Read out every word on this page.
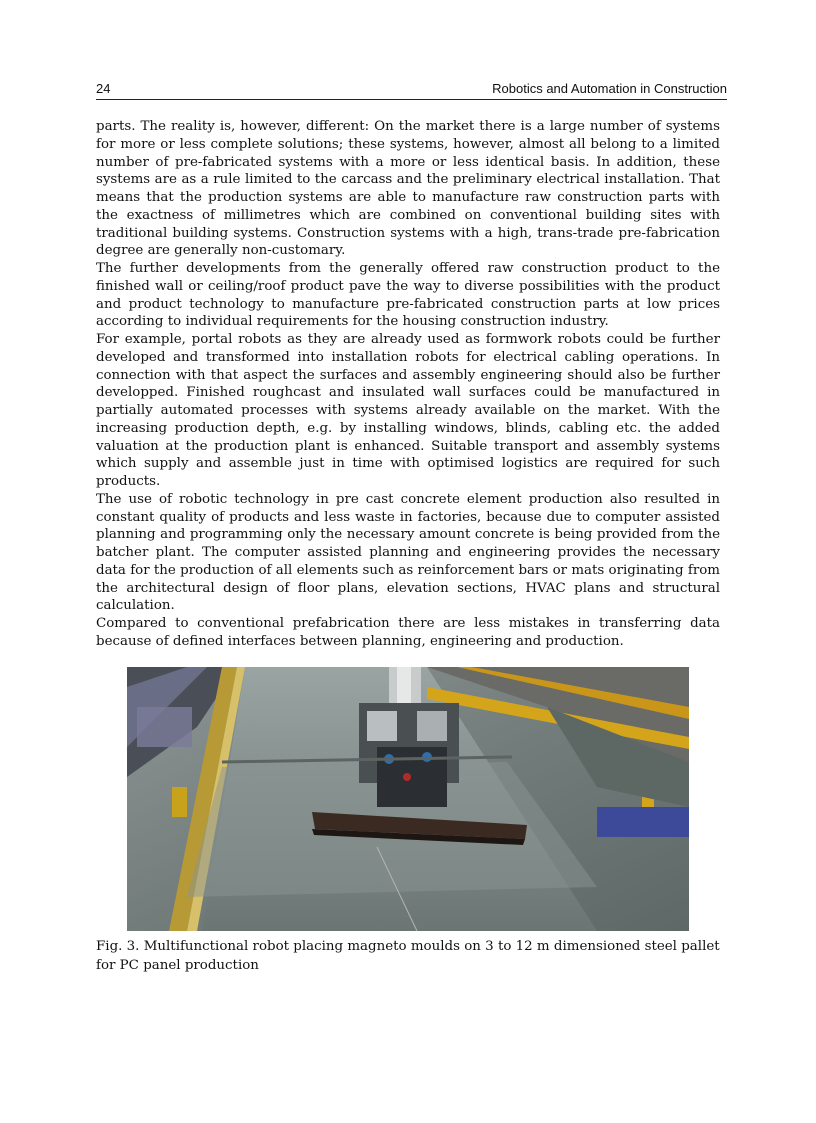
24	Robotics and Automation in Construction

parts. The reality is, however, different: On the market there is a large number of systems for more or less complete solutions; these systems, however, almost all belong to a limited number of pre-fabricated systems with a more or less identical basis. In addition, these systems are as a rule limited to the carcass and the preliminary electrical installation. That means that the production systems are able to manufacture raw construction parts with the exactness of millimetres which are combined on conventional building sites with traditional building systems. Construction systems with a high, trans-trade pre-fabrication degree are generally non-customary.

The further developments from the generally offered raw construction product to the finished wall or ceiling/roof product pave the way to diverse possibilities with the product and product technology to manufacture pre-fabricated construction parts at low prices according to individual requirements for the housing construction industry.

For example, portal robots as they are already used as formwork robots could be further developed and transformed into installation robots for electrical cabling operations. In connection with that aspect the surfaces and assembly engineering should also be further developped. Finished roughcast and insulated wall surfaces could be manufactured in partially automated processes with systems already available on the market. With the increasing production depth, e.g. by installing windows, blinds, cabling etc. the added valuation at the production plant is enhanced. Suitable transport and assembly systems which supply and assemble just in time with optimised logistics are required for such products.

The use of robotic technology in pre cast concrete element production also resulted in constant quality of products and less waste in factories, because due to computer assisted planning and programming only the necessary amount concrete is being provided from the batcher plant. The computer assisted planning and engineering provides the necessary data for the production of all elements such as reinforcement bars or mats originating from the architectural design of floor plans, elevation sections, HVAC plans and structural calculation.

Compared to conventional prefabrication there are less mistakes in transferring data because of defined interfaces between planning, engineering and production.

Fig. 3. Multifunctional robot placing magneto moulds on 3 to 12 m dimensioned steel pallet for PC panel production
